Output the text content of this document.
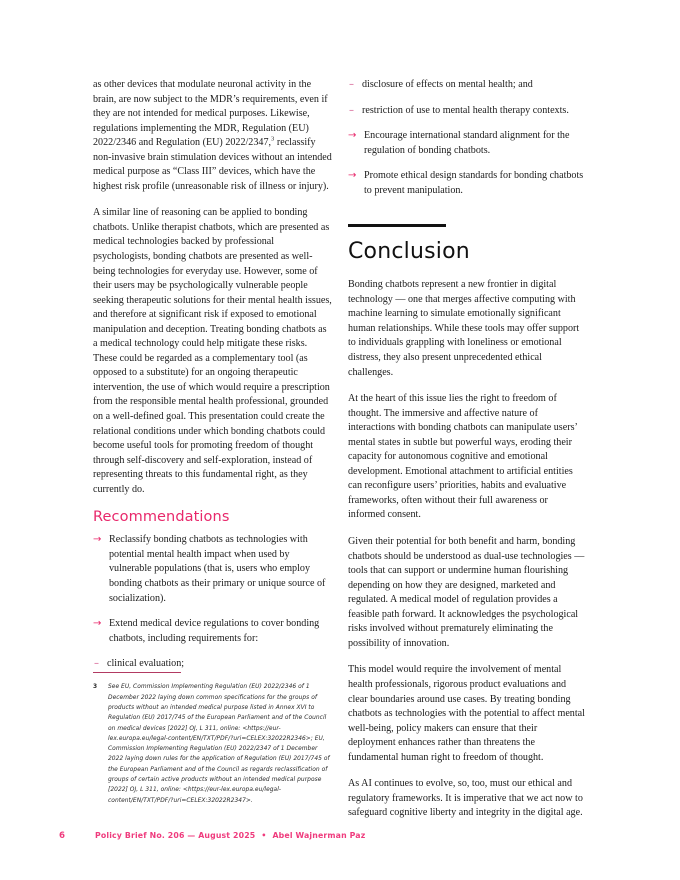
as other devices that modulate neuronal activity in the brain, are now subject to the MDR’s requirements, even if they are not intended for medical purposes. Likewise, regulations implementing the MDR, Regulation (EU) 2022/2346 and Regulation (EU) 2022/2347,$^3$ reclassify non-invasive brain stimulation devices without an intended medical purpose as “Class III” devices, which have the highest risk profile (unreasonable risk of illness or injury).

A similar line of reasoning can be applied to bonding chatbots. Unlike therapist chatbots, which are presented as medical technologies backed by professional psychologists, bonding chatbots are presented as well-being technologies for everyday use. However, some of their users may be psychologically vulnerable people seeking therapeutic solutions for their mental health issues, and therefore at significant risk if exposed to emotional manipulation and deception. Treating bonding chatbots as a medical technology could help mitigate these risks. These could be regarded as a complementary tool (as opposed to a substitute) for an ongoing therapeutic intervention, the use of which would require a prescription from the responsible mental health professional, grounded on a well-defined goal. This presentation could create the relational conditions under which bonding chatbots could become useful tools for promoting freedom of thought through self-discovery and self-exploration, instead of representing threats to this fundamental right, as they currently do.

Recommendations
→ Reclassify bonding chatbots as technologies with potential mental health impact when used by vulnerable populations (that is, users who employ bonding chatbots as their primary or unique source of socialization).
→ Extend medical device regulations to cover bonding chatbots, including requirements for:
– clinical evaluation;
– disclosure of effects on mental health; and
– restriction of use to mental health therapy contexts.
→ Encourage international standard alignment for the regulation of bonding chatbots.
→ Promote ethical design standards for bonding chatbots to prevent manipulation.
Conclusion

Bonding chatbots represent a new frontier in digital technology — one that merges affective computing with machine learning to simulate emotionally significant human relationships. While these tools may offer support to individuals grappling with loneliness or emotional distress, they also present unprecedented ethical challenges.

At the heart of this issue lies the right to freedom of thought. The immersive and affective nature of interactions with bonding chatbots can manipulate users’ mental states in subtle but powerful ways, eroding their capacity for autonomous cognitive and emotional development. Emotional attachment to artificial entities can reconfigure users’ priorities, habits and evaluative frameworks, often without their full awareness or informed consent.

Given their potential for both benefit and harm, bonding chatbots should be understood as dual-use technologies — tools that can support or undermine human flourishing depending on how they are designed, marketed and regulated. A medical model of regulation provides a feasible path forward. It acknowledges the psychological risks involved without prematurely eliminating the possibility of innovation.

This model would require the involvement of mental health professionals, rigorous product evaluations and clear boundaries around use cases. By treating bonding chatbots as technologies with the potential to affect mental well-being, policy makers can ensure that their deployment enhances rather than threatens the fundamental human right to freedom of thought.

As AI continues to evolve, so, too, must our ethical and regulatory frameworks. It is imperative that we act now to safeguard cognitive liberty and integrity in the digital age.

3 See EU, Commission Implementing Regulation (EU) 2022/2346 of 1 December 2022 laying down common specifications for the groups of products without an intended medical purpose listed in Annex XVI to Regulation (EU) 2017/745 of the European Parliament and of the Council on medical devices [2022] OJ, L 311, online: <https://eur-lex.europa.eu/legal-content/EN/TXT/PDF/?uri=CELEX:32022R2346>; EU, Commission Implementing Regulation (EU) 2022/2347 of 1 December 2022 laying down rules for the application of Regulation (EU) 2017/745 of the European Parliament and of the Council as regards reclassification of groups of certain active products without an intended medical purpose [2022] OJ, L 311, online: <https://eur-lex.europa.eu/legal-content/EN/TXT/PDF/?uri=CELEX:32022R2347>.
6	Policy Brief No. 206 — August 2025 • Abel Wajnerman Paz
